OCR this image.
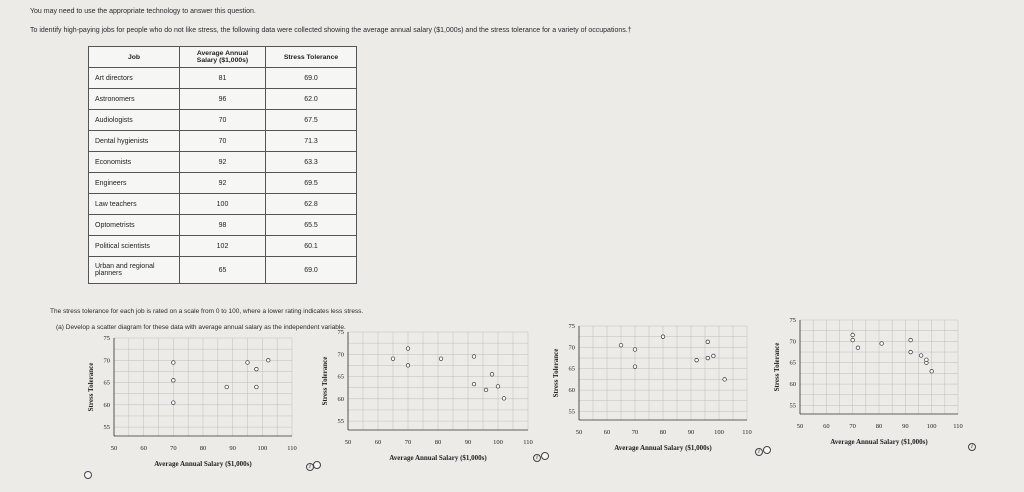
You may need to use the appropriate technology to answer this question.
To identify high-paying jobs for people who do not like stress, the following data were collected showing the average annual salary ($1,000s) and the stress tolerance for a variety of occupations.†
Job	Average Annual Salary ($1,000s)	Stress Tolerance
Art directors	81	69.0
Astronomers	96	62.0
Audiologists	70	67.5
Dental hygienists	70	71.3
Economists	92	63.3
Engineers	92	69.5
Law teachers	100	62.8
Optometrists	98	65.5
Political scientists	102	60.1
Urban and regional planners	65	69.0
The stress tolerance for each job is rated on a scale from 0 to 100, where a lower rating indicates less stress.
(a) Develop a scatter diagram for these data with average annual salary as the independent variable.
55
60
65
70
75
50	60	70	80	90	100	110
Average Annual Salary ($1,000s)
Stress Tolerance
55
60
65
70
75
50	60	70	80	90	100	110
Average Annual Salary ($1,000s)
Stress Tolerance
55
60
65
70
75
50	60	70	80	90	100	110
Average Annual Salary ($1,000s)
Stress Tolerance
55
60
65
70
75
50	60	70	80	90	100	110
Average Annual Salary ($1,000s)
Stress Tolerance
i
i
i
i
